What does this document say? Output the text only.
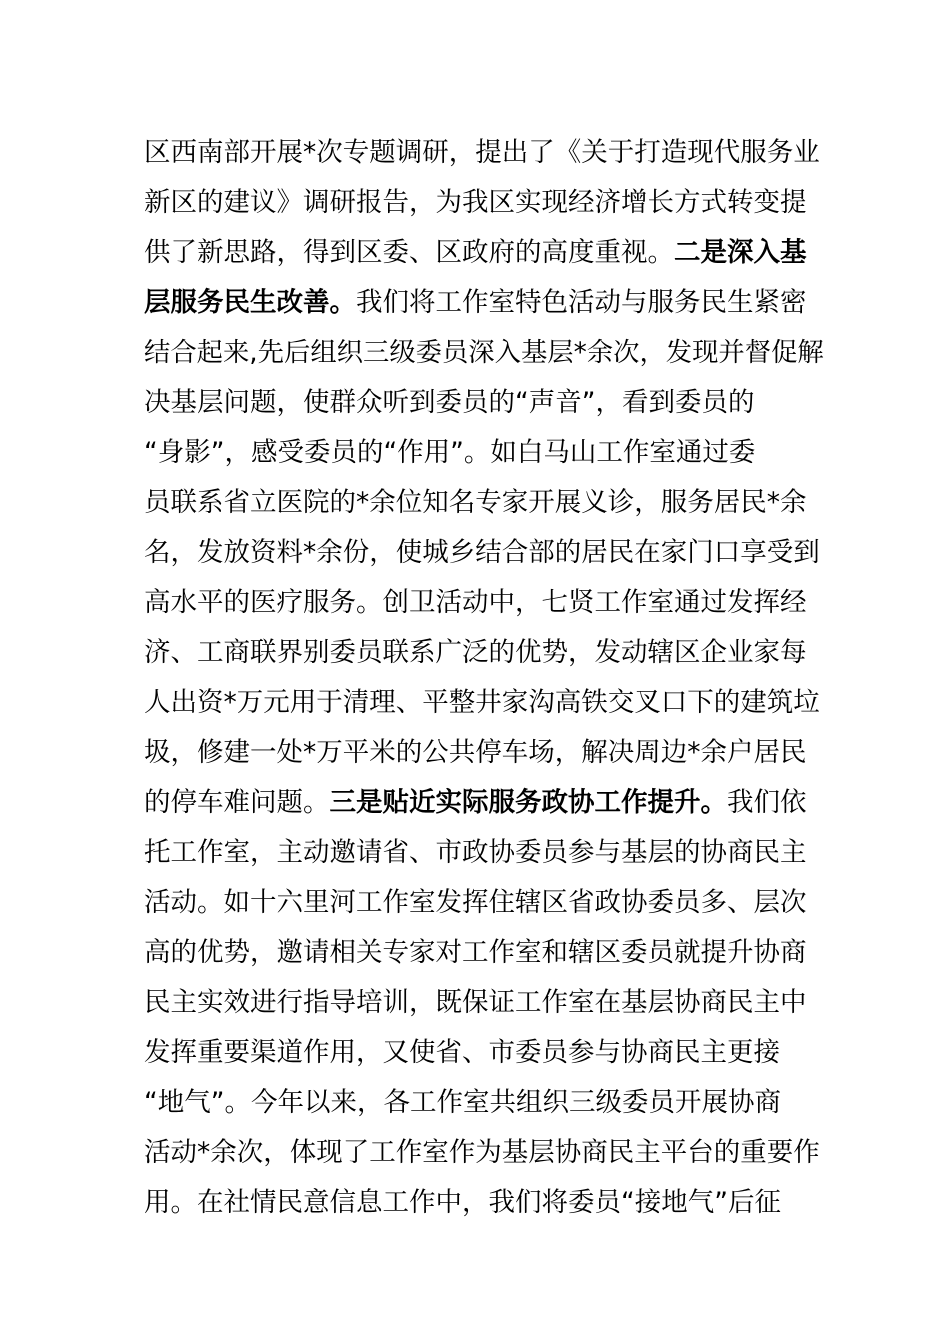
区西南部开展*次专题调研，提出了《关于打造现代服务业
新区的建议》调研报告，为我区实现经济增长方式转变提
供了新思路，得到区委、区政府的高度重视。二是深入基
层服务民生改善。我们将工作室特色活动与服务民生紧密
结合起来,先后组织三级委员深入基层*余次，发现并督促解
决基层问题，使群众听到委员的“声音”，看到委员的
“身影”，感受委员的“作用”。如白马山工作室通过委
员联系省立医院的*余位知名专家开展义诊，服务居民*余
名，发放资料*余份，使城乡结合部的居民在家门口享受到
高水平的医疗服务。创卫活动中，七贤工作室通过发挥经
济、工商联界别委员联系广泛的优势，发动辖区企业家每
人出资*万元用于清理、平整井家沟高铁交叉口下的建筑垃
圾，修建一处*万平米的公共停车场，解决周边*余户居民
的停车难问题。三是贴近实际服务政协工作提升。我们依
托工作室，主动邀请省、市政协委员参与基层的协商民主
活动。如十六里河工作室发挥住辖区省政协委员多、层次
高的优势，邀请相关专家对工作室和辖区委员就提升协商
民主实效进行指导培训，既保证工作室在基层协商民主中
发挥重要渠道作用，又使省、市委员参与协商民主更接
“地气”。今年以来，各工作室共组织三级委员开展协商
活动*余次，体现了工作室作为基层协商民主平台的重要作
用。在社情民意信息工作中，我们将委员“接地气”后征
